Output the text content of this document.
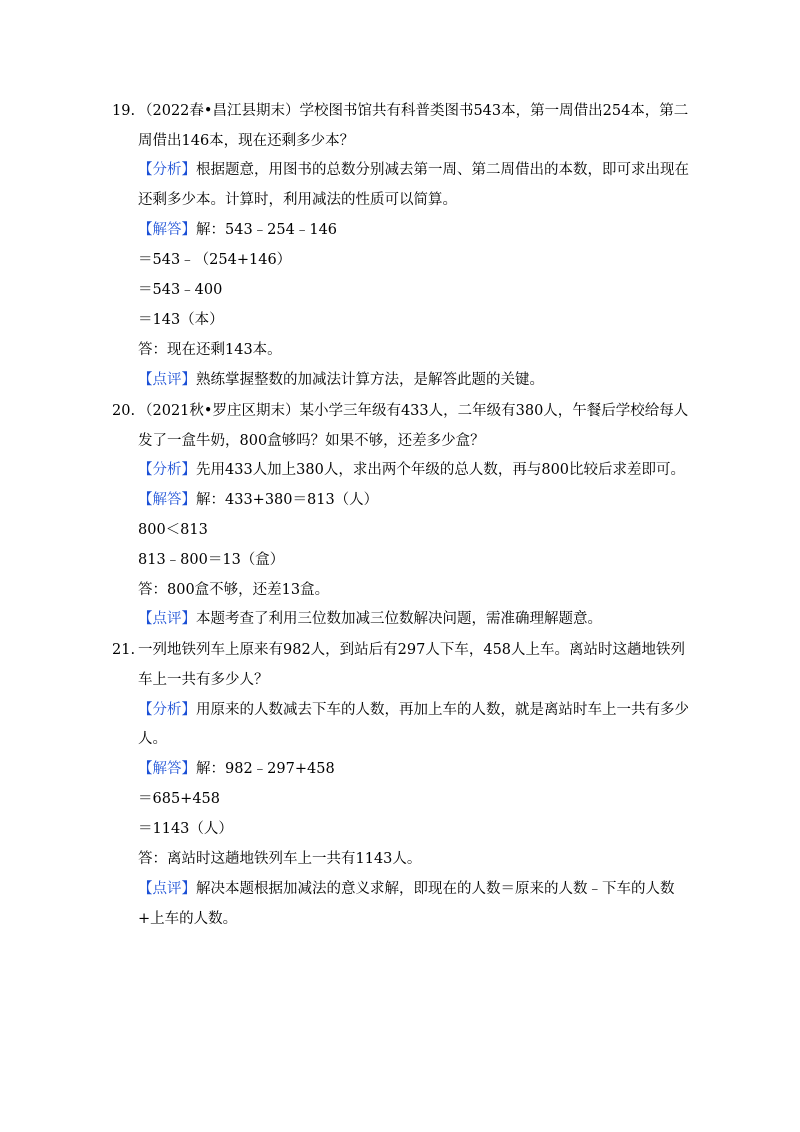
19. （2022春•昌江县期末）学校图书馆共有科普类图书543本，第一周借出254本，第二
周借出146本，现在还剩多少本？
【分析】根据题意，用图书的总数分别减去第一周、第二周借出的本数，即可求出现在
还剩多少本。计算时，利用减法的性质可以简算。
【解答】解：543﹣254﹣146
＝543﹣（254+146）
＝543﹣400
＝143（本）
答：现在还剩143本。
【点评】熟练掌握整数的加减法计算方法，是解答此题的关键。
20. （2021秋•罗庄区期末）某小学三年级有433人，二年级有380人，午餐后学校给每人
发了一盒牛奶，800盒够吗？如果不够，还差多少盒？
【分析】先用433人加上380人，求出两个年级的总人数，再与800比较后求差即可。
【解答】解：433+380＝813（人）
800＜813
813﹣800＝13（盒）
答：800盒不够，还差13盒。
【点评】本题考查了利用三位数加减三位数解决问题，需准确理解题意。
21. 一列地铁列车上原来有982人，到站后有297人下车，458人上车。离站时这趟地铁列
车上一共有多少人？
【分析】用原来的人数减去下车的人数，再加上车的人数，就是离站时车上一共有多少
人。
【解答】解：982﹣297+458
＝685+458
＝1143（人）
答：离站时这趟地铁列车上一共有1143人。
【点评】解决本题根据加减法的意义求解，即现在的人数＝原来的人数﹣下车的人数
+上车的人数。
